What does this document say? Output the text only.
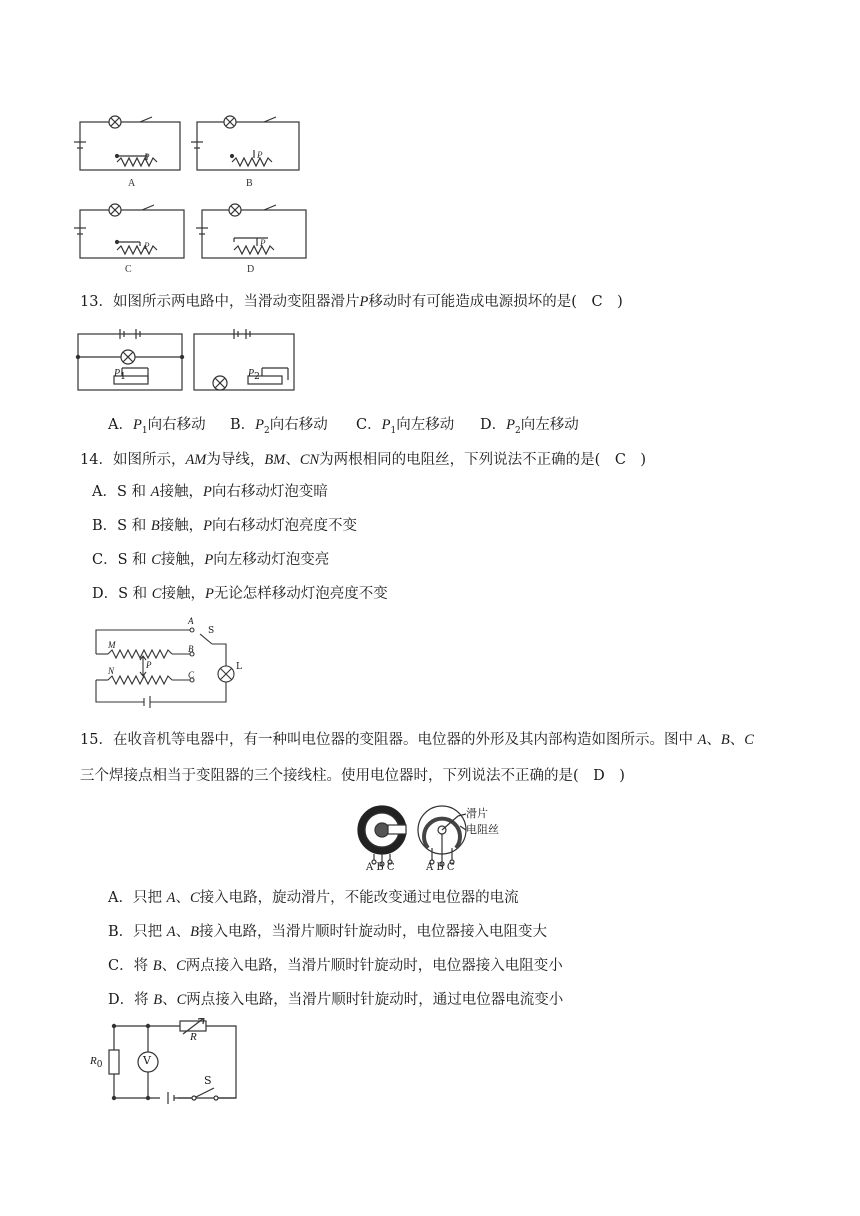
A
P
B
P
C
P
D
P
13．如图所示两电路中，当滑动变阻器滑片P移动时有可能造成电源损坏的是(　C　)
$P_1$	$P_2$
A．$P_1$向右移动 B．$P_2$向右移动 C．$P_1$向左移动 D．$P_2$向左移动
14．如图所示，AM为导线，BM、CN为两根相同的电阻丝，下列说法不正确的是(　C　)
A．S 和 A接触，P向右移动灯泡变暗
B．S 和 B接触，P向右移动灯泡亮度不变
C．S 和 C接触，P向左移动灯泡变亮
D．S 和 C接触，P无论怎样移动灯泡亮度不变
A
S
M	B
N
P
C
L
15．在收音机等电器中，有一种叫电位器的变阻器。电位器的外形及其内部构造如图所示。图中 A、B、C
三个焊接点相当于变阻器的三个接线柱。使用电位器时，下列说法不正确的是(　D　)
滑片
电阻丝
A B C	A B C
A．只把 A、C接入电路，旋动滑片，不能改变通过电位器的电流
B．只把 A、B接入电路，当滑片顺时针旋动时，电位器接入电阻变大
C．将 B、C两点接入电路，当滑片顺时针旋动时，电位器接入电阻变小
D．将 B、C两点接入电路，当滑片顺时针旋动时，通过电位器电流变小
$R_0$	V
R
S
